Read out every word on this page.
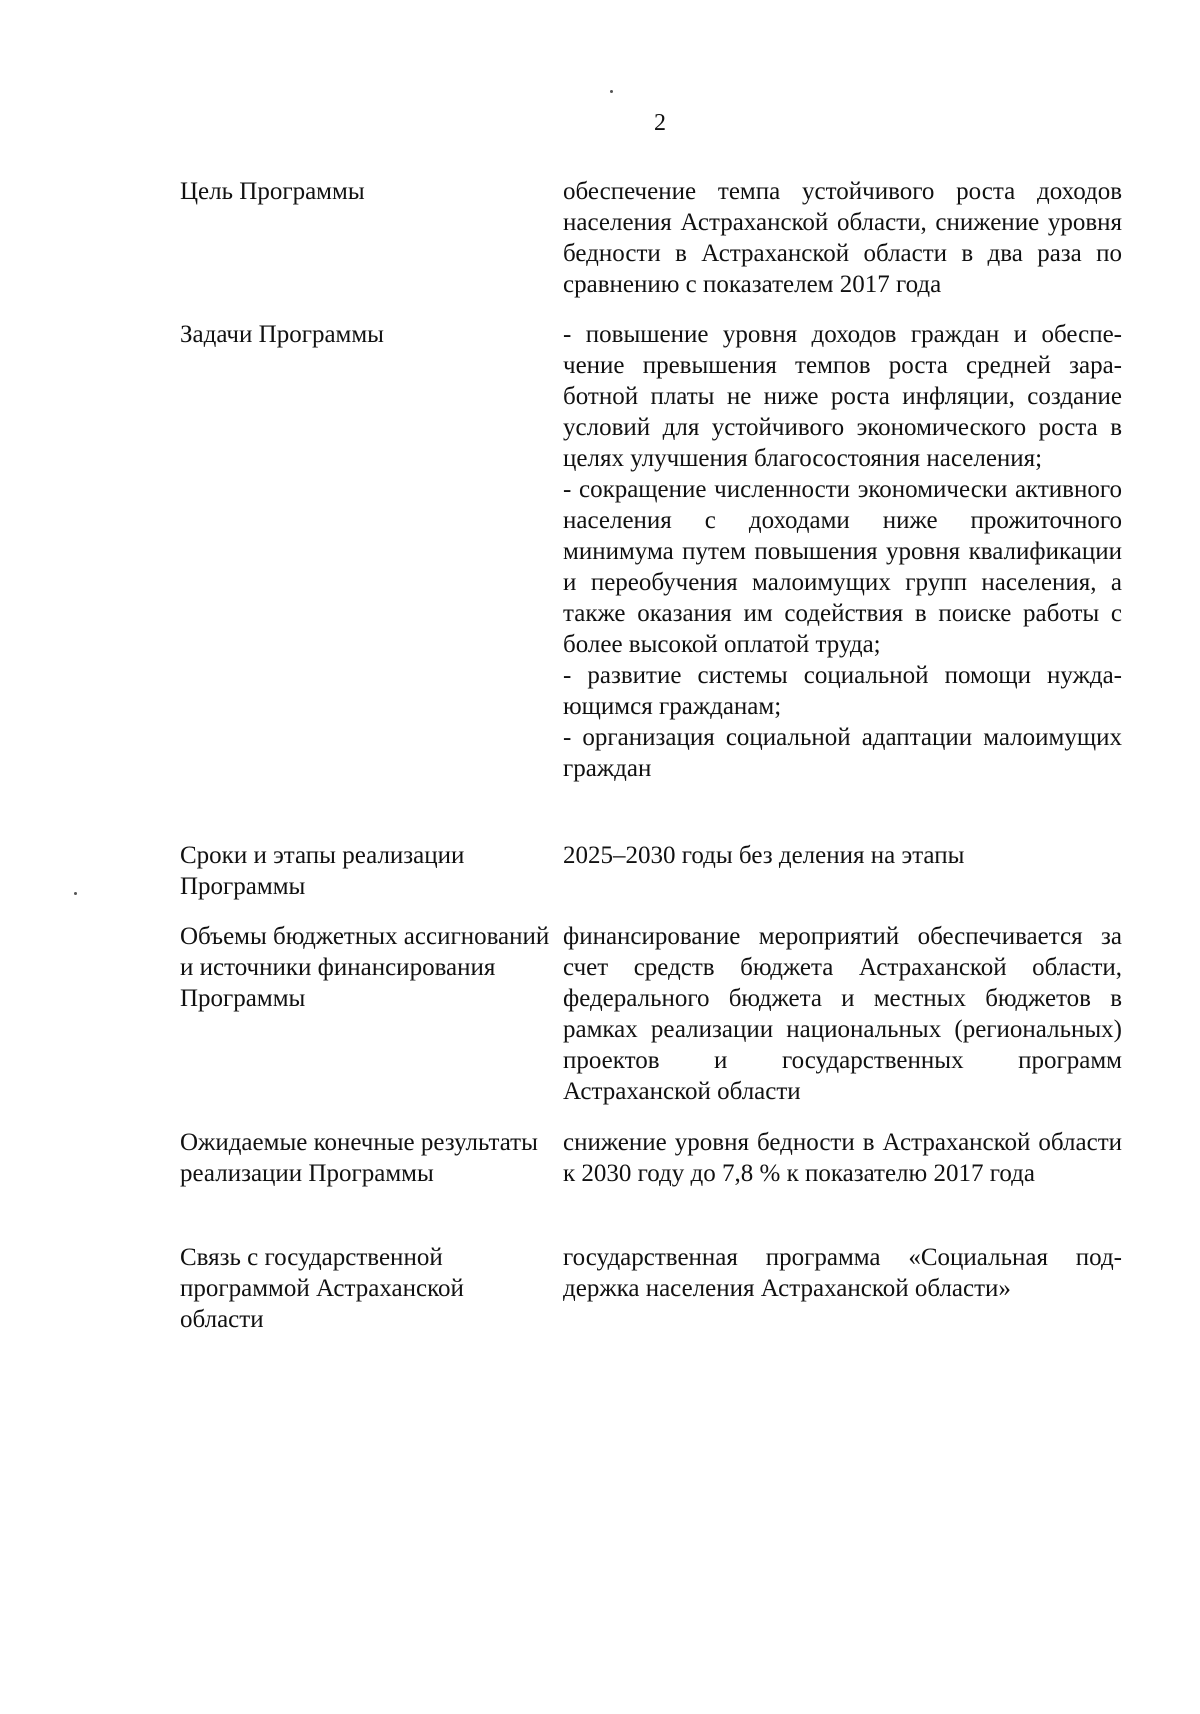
2
Цель Программы	обеспечение темпа устойчивого роста доходов населения Астраханской области, снижение уровня бедности в Астраханской области в два раза по сравнению с показателем 2017 года
Задачи Программы	- повышение уровня доходов граждан и обеспечение превышения темпов роста средней заработной платы не ниже роста инфляции, создание условий для устойчивого экономического роста в целях улучшения благосостояния населения;
- сокращение численности экономически активного населения с доходами ниже прожиточного минимума путем повышения уровня квалификации и переобучения малоимущих групп населения, а также оказания им содействия в поиске работы с более высокой оплатой труда;
- развитие системы социальной помощи нуждающимся гражданам;
- организация социальной адаптации малоимущих граждан
Сроки и этапы реализации Программы
2025–2030 годы без деления на этапы
Объемы бюджетных ассигнований и источники финансирования Программы
финансирование мероприятий обеспечивается за счет средств бюджета Астраханской области, федерального бюджета и местных бюджетов в рамках реализации национальных (региональных) проектов и государственных программ Астраханской области
Ожидаемые конечные результаты реализации Программы
снижение уровня бедности в Астраханской области к 2030 году до 7,8 % к показателю 2017 года
Связь с государственной программой Астраханской области
государственная программа «Социальная поддержка населения Астраханской области»
